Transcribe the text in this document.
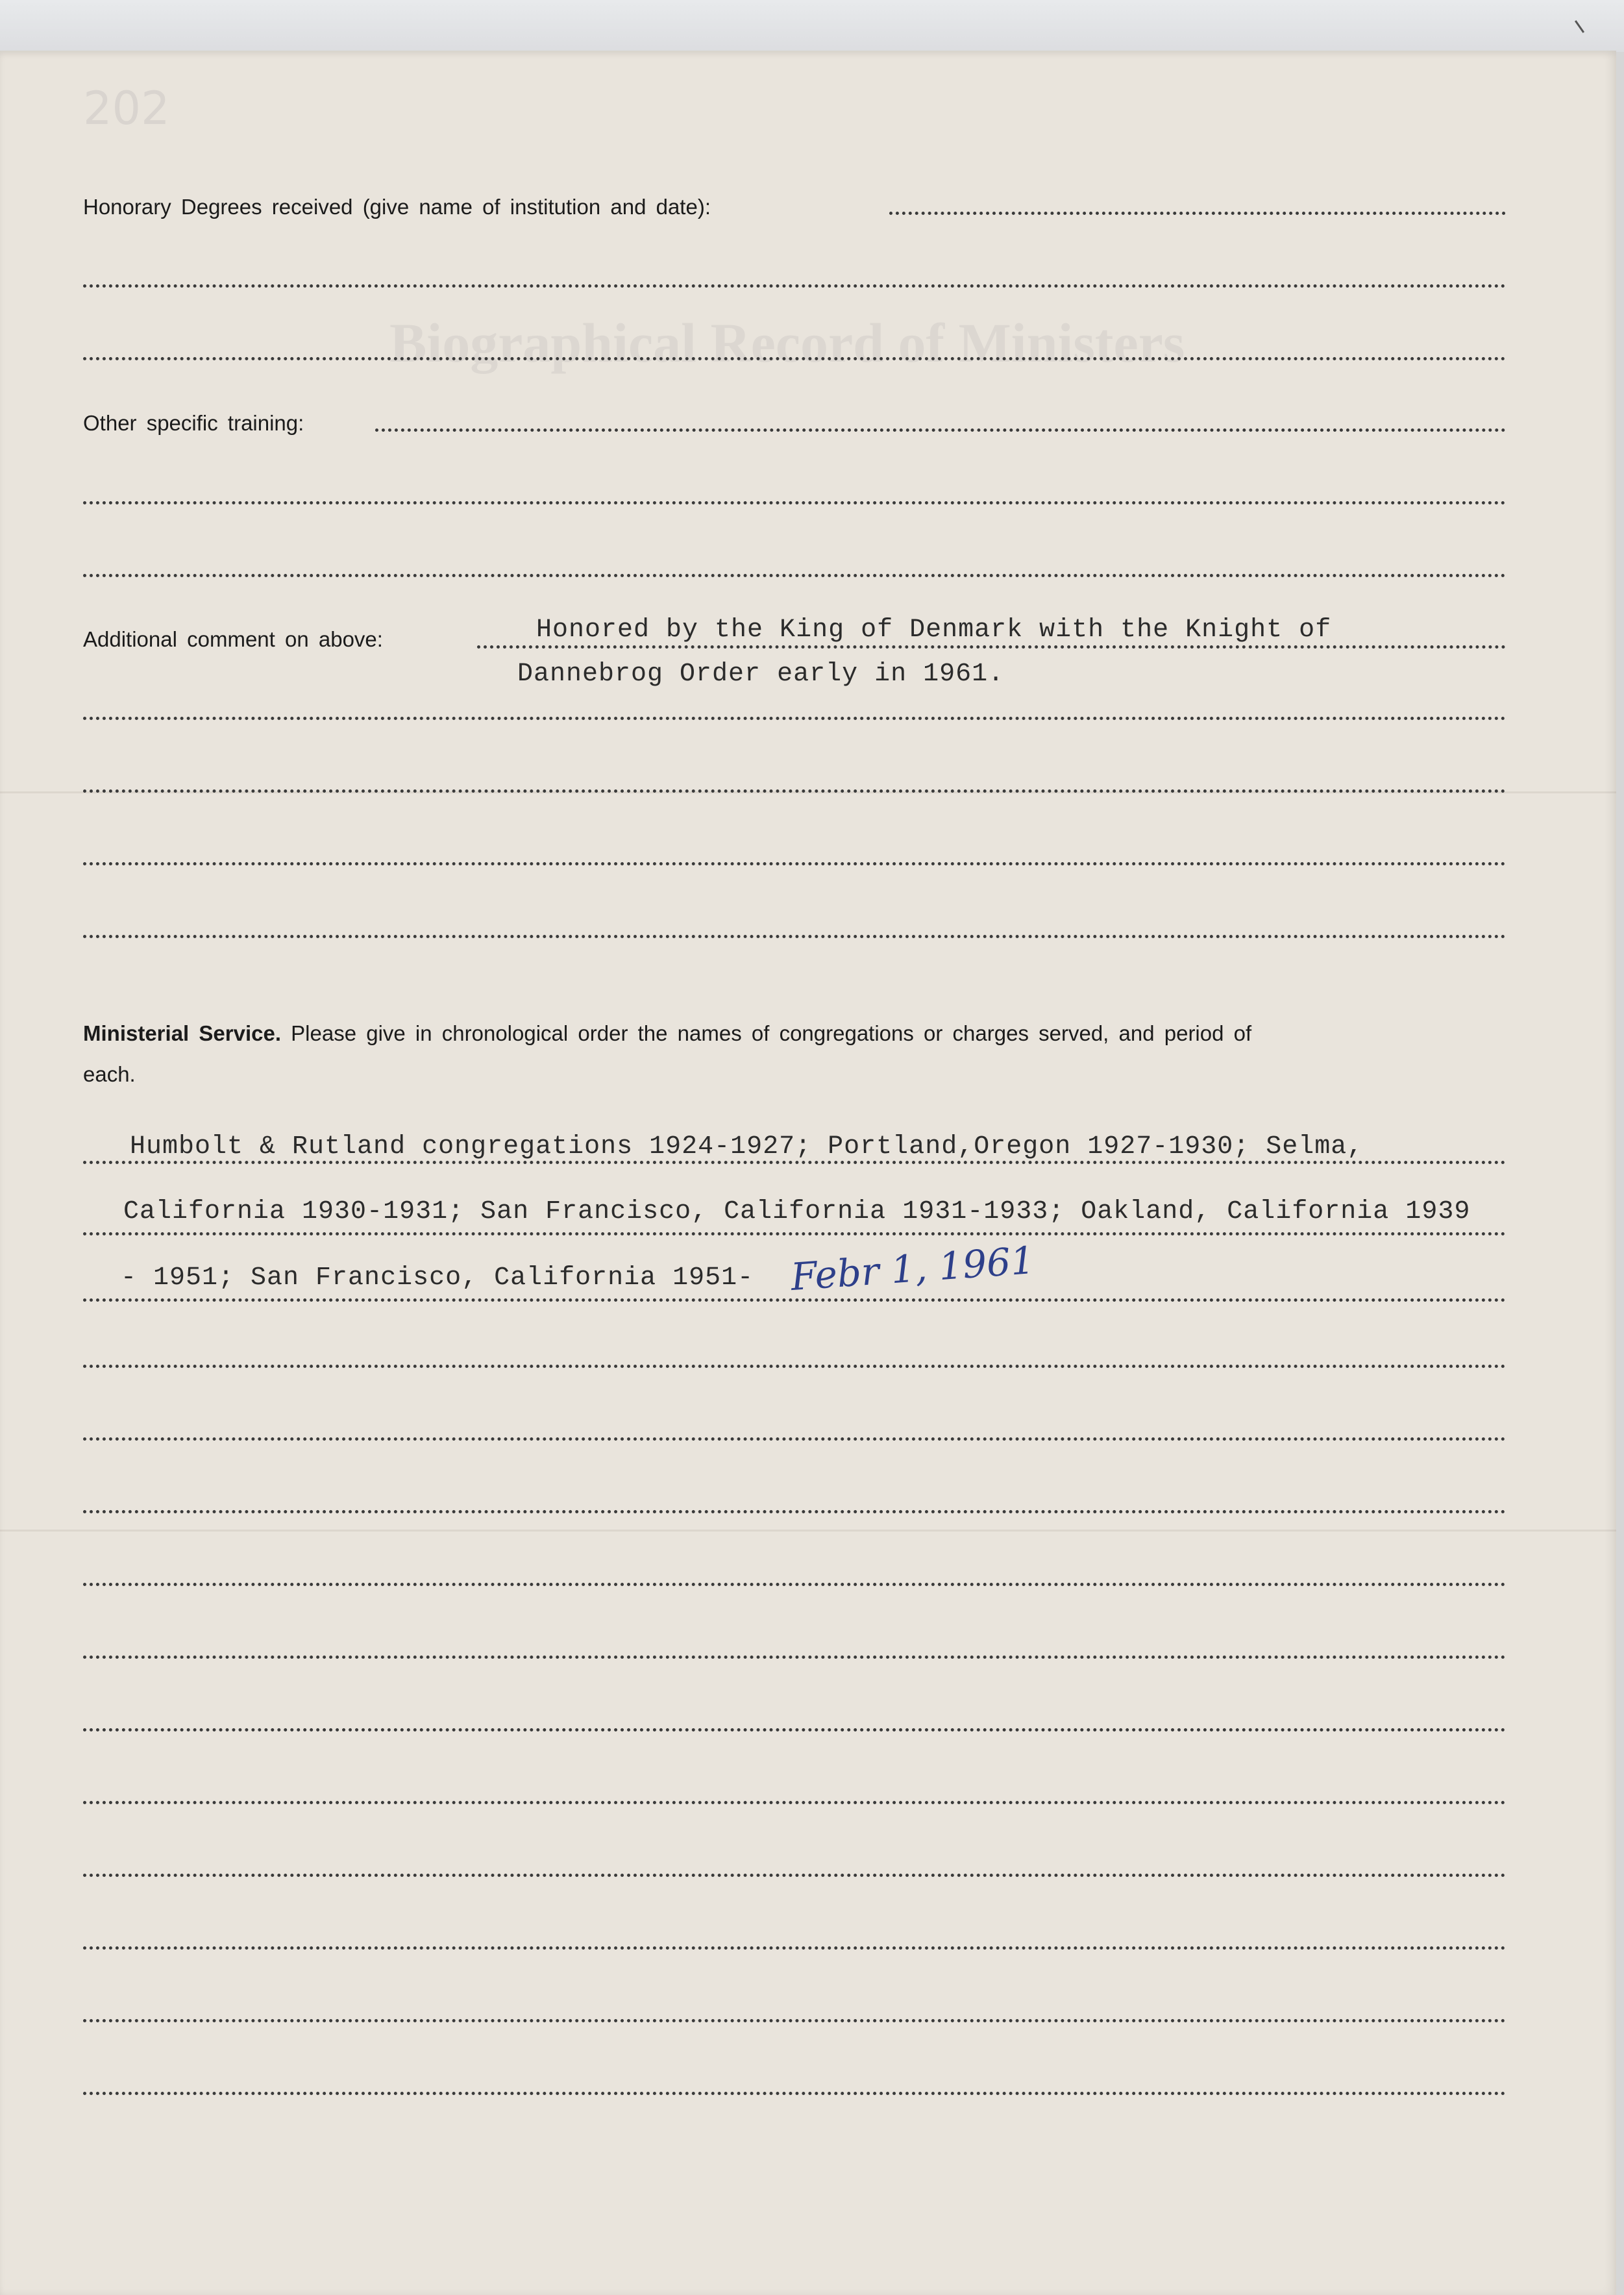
Biographical Record of Ministers
202
Honorary Degrees received (give name of institution and date):
Other specific training:
Additional comment on above:	Honored by the King of Denmark with the Knight of
Dannebrog Order early in 1961.
Ministerial Service. Please give in chronological order the names of congregations or charges served, and period of
each.
Humbolt & Rutland congregations 1924-1927; Portland,Oregon 1927-1930; Selma,
California 1930-1931; San Francisco, California 1931-1933; Oakland, California 1939
- 1951; San Francisco, California 1951- Febr 1, 1961
